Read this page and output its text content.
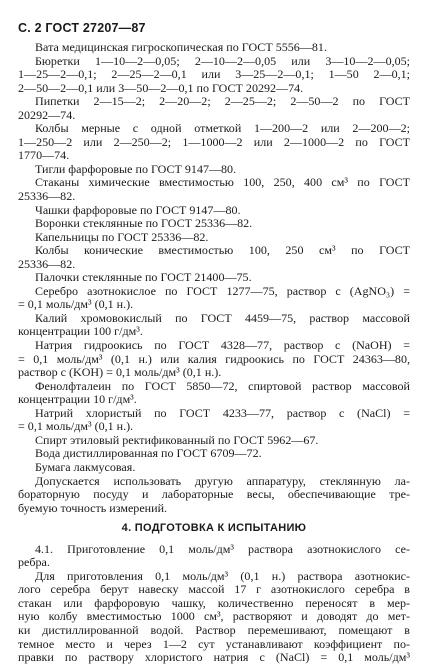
С. 2 ГОСТ 27207—87
Вата медицинская гигроскопическая по ГОСТ 5556—81.
Бюретки 1—10—2—0,05; 2—10—2—0,05 или 3—10—2—0,05;
1—25—2—0,1; 2—25—2—0,1 или 3—25—2—0,1; 1—50 2—0,1;
2—50—2—0,1 или 3—50—2—0,1 по ГОСТ 20292—74.
Пипетки 2—15—2; 2—20—2; 2—25—2; 2—50—2 по ГОСТ
20292—74.
Колбы мерные с одной отметкой 1—200—2 или 2—200—2;
1—250—2 или 2—250—2; 1—1000—2 или 2—1000—2 по ГОСТ
1770—74.
Тигли фарфоровые по ГОСТ 9147—80.
Стаканы химические вместимостью 100, 250, 400 см³ по ГОСТ
25336—82.
Чашки фарфоровые по ГОСТ 9147—80.
Воронки стеклянные по ГОСТ 25336—82.
Капельницы по ГОСТ 25336—82.
Колбы конические вместимостью 100, 250 см³ по ГОСТ
25336—82.
Палочки стеклянные по ГОСТ 21400—75.
Серебро азотнокислое по ГОСТ 1277—75, раствор c (AgNO₃) =
= 0,1 моль/дм³ (0,1 н.).
Калий хромовокислый по ГОСТ 4459—75, раствор массовой
концентрации 100 г/дм³.
Натрия гидроокись по ГОСТ 4328—77, раствор c (NaOH) =
= 0,1 моль/дм³ (0,1 н.) или калия гидроокись по ГОСТ 24363—80,
раствор c (KOH) = 0,1 моль/дм³ (0,1 н.).
Фенолфталеин по ГОСТ 5850—72, спиртовой раствор массовой
концентрации 10 г/дм³.
Натрий хлористый по ГОСТ 4233—77, раствор c (NaCl) =
= 0,1 моль/дм³ (0,1 н.).
Спирт этиловый ректификованный по ГОСТ 5962—67.
Вода дистиллированная по ГОСТ 6709—72.
Бумага лакмусовая.
Допускается использовать другую аппаратуру, стеклянную ла-
бораторную посуду и лабораторные весы, обеспечивающие тре-
буемую точность измерений.
4. ПОДГОТОВКА К ИСПЫТАНИЮ
4.1. Приготовление 0,1 моль/дм³ раствора азотнокислого се-
ребра.
Для приготовления 0,1 моль/дм³ (0,1 н.) раствора азотнокис-
лого серебра берут навеску массой 17 г азотнокислого серебра в
стакан или фарфоровую чашку, количественно переносят в мер-
ную колбу вместимостью 1000 см³, растворяют и доводят до мет-
ки дистиллированной водой. Раствор перемешивают, помещают в
темное место и через 1—2 сут устанавливают коэффициент по-
правки по раствору хлористого натрия c (NaCl) = 0,1 моль/дм³
